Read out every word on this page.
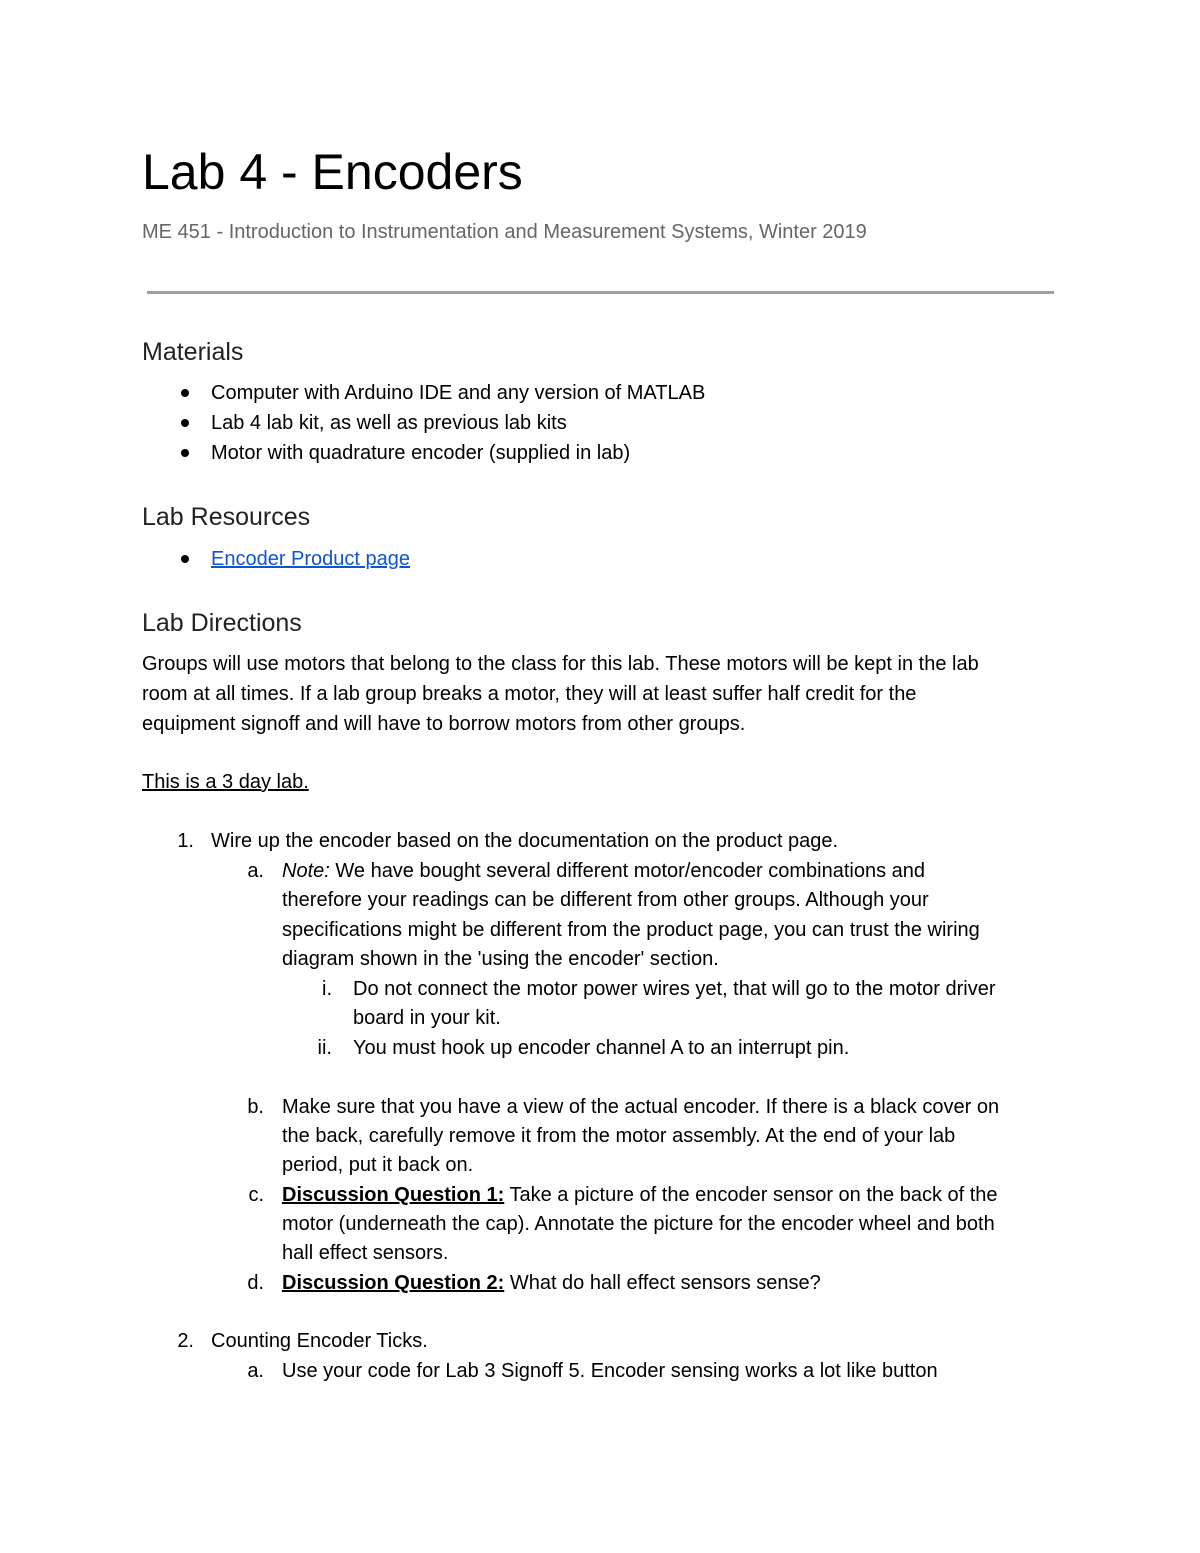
Lab 4 - Encoders

ME 451 - Introduction to Instrumentation and Measurement Systems, Winter 2019

Materials
Computer with Arduino IDE and any version of MATLAB
Lab 4 lab kit, as well as previous lab kits
Motor with quadrature encoder (supplied in lab)
Lab Resources
Encoder Product page
Lab Directions
Groups will use motors that belong to the class for this lab. These motors will be kept in the lab
room at all times. If a lab group breaks a motor, they will at least suffer half credit for the
equipment signoff and will have to borrow motors from other groups.
This is a 3 day lab.
1. Wire up the encoder based on the documentation on the product page.
a. Note: We have bought several different motor/encoder combinations and
therefore your readings can be different from other groups. Although your
specifications might be different from the product page, you can trust the wiring
diagram shown in the 'using the encoder' section.
i. Do not connect the motor power wires yet, that will go to the motor driver
board in your kit.
ii. You must hook up encoder channel A to an interrupt pin.
b. Make sure that you have a view of the actual encoder. If there is a black cover on
the back, carefully remove it from the motor assembly. At the end of your lab
period, put it back on.
c. Discussion Question 1: Take a picture of the encoder sensor on the back of the
motor (underneath the cap). Annotate the picture for the encoder wheel and both
hall effect sensors.
d. Discussion Question 2: What do hall effect sensors sense?
2. Counting Encoder Ticks.
a. Use your code for Lab 3 Signoff 5. Encoder sensing works a lot like button
